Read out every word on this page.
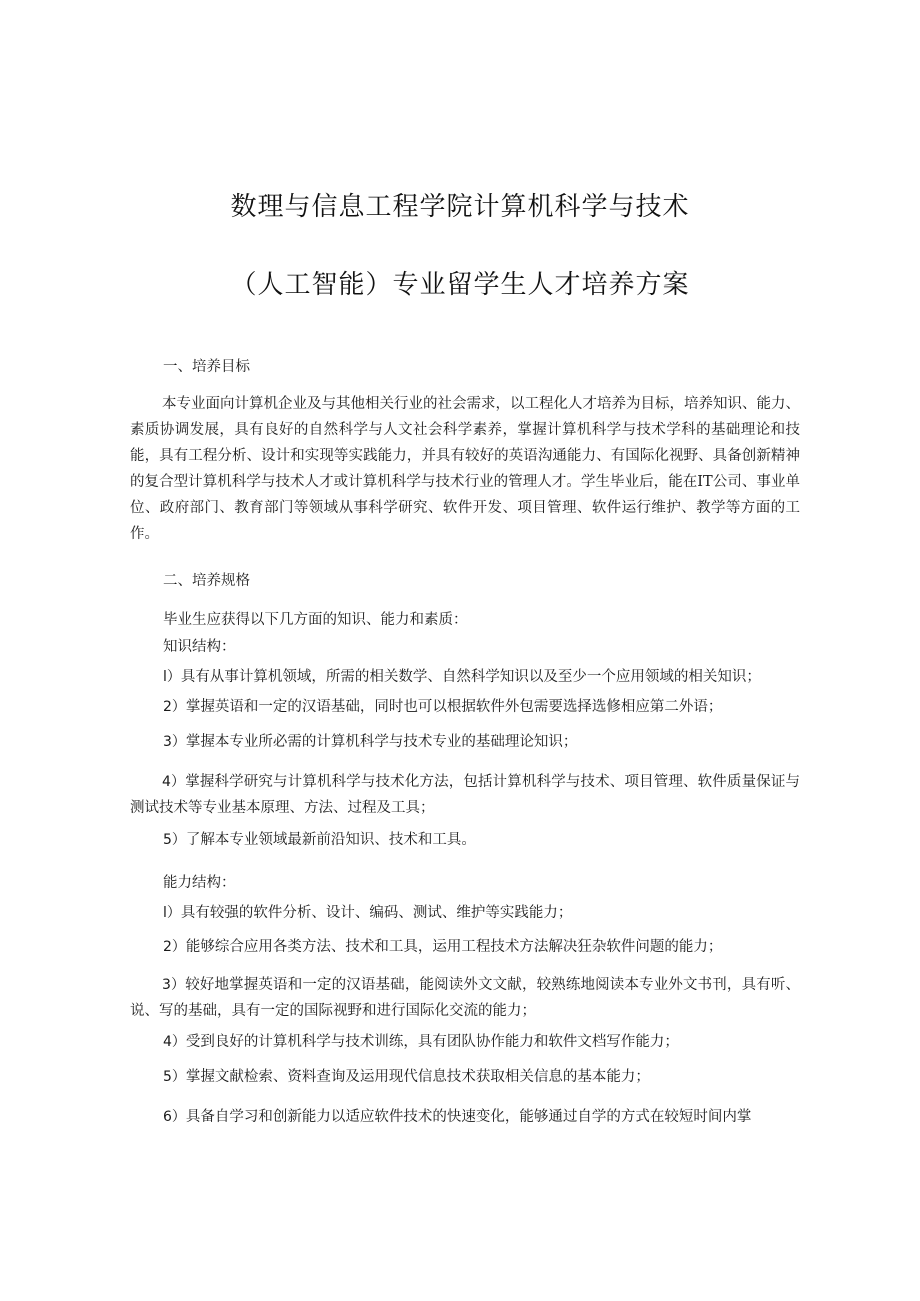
数理与信息工程学院计算机科学与技术
（人工智能）专业留学生人才培养方案
一、培养目标
本专业面向计算机企业及与其他相关行业的社会需求，以工程化人才培养为目标，培养知识、能力、素质协调发展，具有良好的自然科学与人文社会科学素养，掌握计算机科学与技术学科的基础理论和技能，具有工程分析、设计和实现等实践能力，并具有较好的英语沟通能力、有国际化视野、具备创新精神的复合型计算机科学与技术人才或计算机科学与技术行业的管理人才。学生毕业后，能在IT公司、事业单位、政府部门、教育部门等领域从事科学研究、软件开发、项目管理、软件运行维护、教学等方面的工作。
二、培养规格
毕业生应获得以下几方面的知识、能力和素质：
知识结构：
l）具有从事计算机领域，所需的相关数学、自然科学知识以及至少一个应用领域的相关知识；
2）掌握英语和一定的汉语基础，同时也可以根据软件外包需要选择选修相应第二外语；
3）掌握本专业所必需的计算机科学与技术专业的基础理论知识；
4）掌握科学研究与计算机科学与技术化方法，包括计算机科学与技术、项目管理、软件质量保证与测试技术等专业基本原理、方法、过程及工具；
5）了解本专业领域最新前沿知识、技术和工具。
能力结构：
l）具有较强的软件分析、设计、编码、测试、维护等实践能力；
2）能够综合应用各类方法、技术和工具，运用工程技术方法解决狂杂软件问题的能力；
3）较好地掌握英语和一定的汉语基础，能阅读外文文献，较熟练地阅读本专业外文书刊，具有听、说、写的基础，具有一定的国际视野和进行国际化交流的能力；
4）受到良好的计算机科学与技术训练，具有团队协作能力和软件文档写作能力；
5）掌握文献检索、资料查询及运用现代信息技术获取相关信息的基本能力；
6）具备自学习和创新能力以适应软件技术的快速变化，能够通过自学的方式在较短时间内掌
